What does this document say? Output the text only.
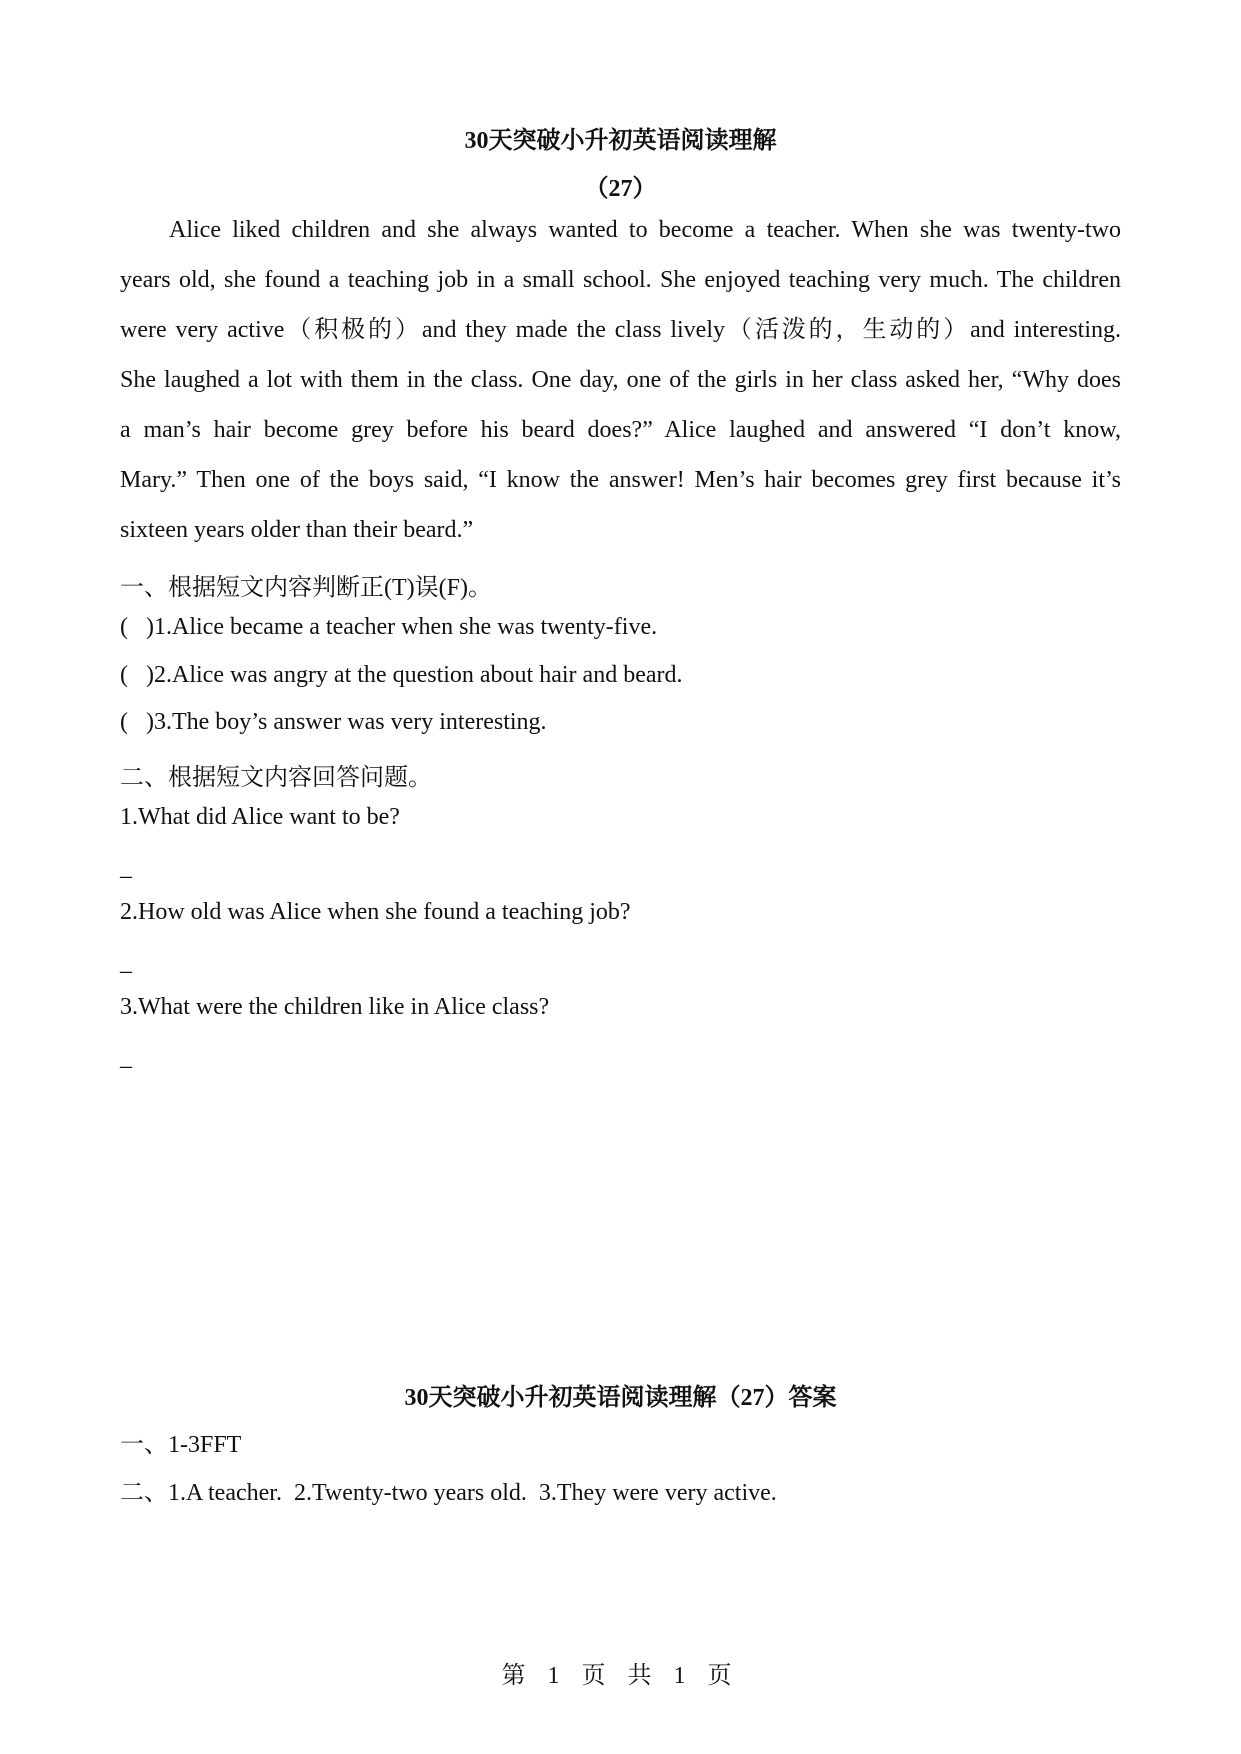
30天突破小升初英语阅读理解
（27）
Alice liked children and she always wanted to become a teacher. When she was twenty-two
years old, she found a teaching job in a small school. She enjoyed teaching very much. The children
were very active（积极的）and they made the class lively（活泼的，生动的）and interesting.
She laughed a lot with them in the class. One day, one of the girls in her class asked her, “Why does
a man’s hair become grey before his beard does?” Alice laughed and answered “I don’t know,
Mary.” Then one of the boys said, “I know the answer! Men’s hair becomes grey first because it’s
sixteen years older than their beard.”
一、根据短文内容判断正(T)误(F)。
( )1.Alice became a teacher when she was twenty-five.
( )2.Alice was angry at the question about hair and beard.
( )3.The boy’s answer was very interesting.
二、根据短文内容回答问题。
1.What did Alice want to be?
_
2.How old was Alice when she found a teaching job?
_
3.What were the children like in Alice class?
_
30天突破小升初英语阅读理解（27）答案
一、1-3FFT
二、1.A teacher.  2.Twenty-two years old.  3.They were very active.
第 1 页 共 1 页
